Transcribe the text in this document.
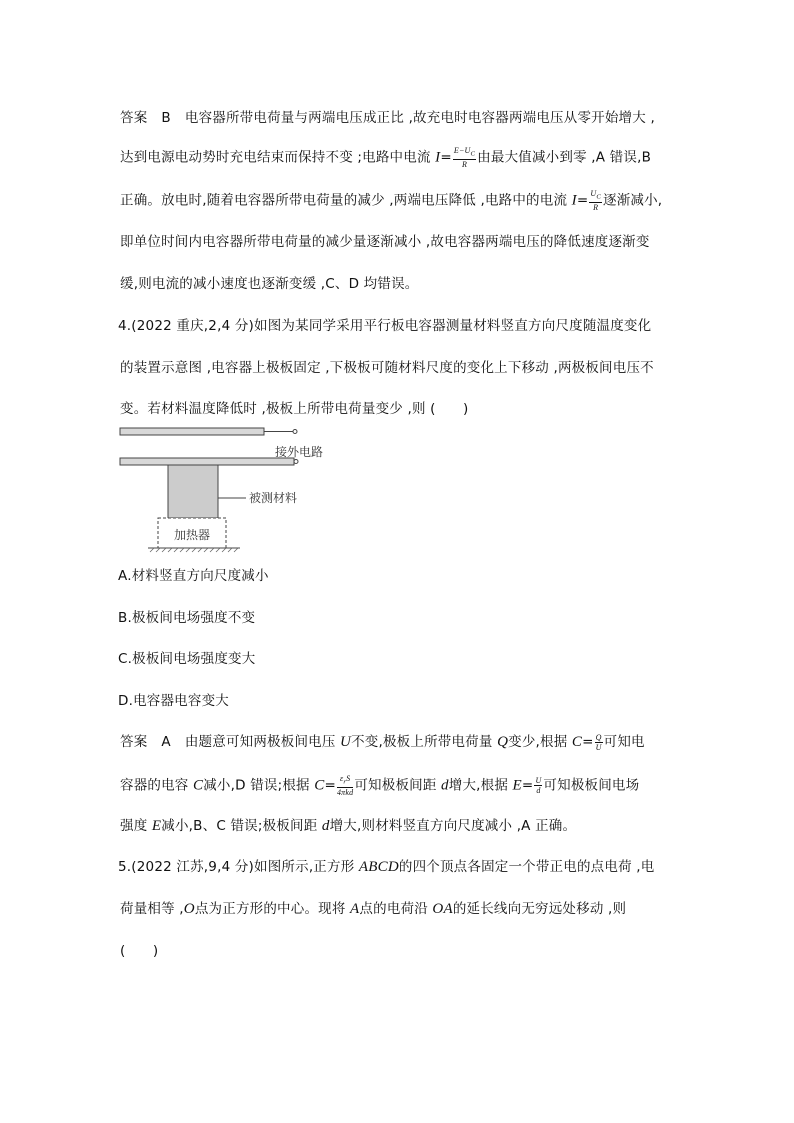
答案 B 电容器所带电荷量与两端电压成正比 ,故充电时电容器两端电压从零开始增大 ,
达到电源电动势时充电结束而保持不变 ;电路中电流 $I= \frac{E-U_C}{R}$ 由最大值减小到零 ,A 错误,B
正确。放电时,随着电容器所带电荷量的减少 ,两端电压降低 ,电路中的电流 $I= \frac{U_C}{R}$ 逐渐减小,
即单位时间内电容器所带电荷量的减少量逐渐减小 ,故电容器两端电压的降低速度逐渐变
缓,则电流的减小速度也逐渐变缓 ,C、D 均错误。
4.(2022 重庆,2,4 分)如图为某同学采用平行板电容器测量材料竖直方向尺度随温度变化
的装置示意图 ,电容器上极板固定 ,下极板可随材料尺度的变化上下移动 ,两极板间电压不
变。若材料温度降低时 ,极板上所带电荷量变少 ,则 (　　)
接外电路
被测材料
加热器
A.材料竖直方向尺度减小
B.极板间电场强度不变
C.极板间电场强度变大
D.电容器电容变大
答案 A 由题意可知两极板间电压 U不变,极板上所带电荷量 Q变少,根据 $C= \frac{Q}{U}$ 可知电
容器的电容 C减小,D 错误;根据 $C= \frac{\varepsilon_rS}{\text{4πkd}}$ 可知极板间距 d增大,根据 $E= \frac{U}{d}$ 可知极板间电场
强度 E减小,B、C 错误;极板间距 d增大,则材料竖直方向尺度减小 ,A 正确。
5.(2022 江苏,9,4 分)如图所示,正方形 ABCD的四个顶点各固定一个带正电的点电荷 ,电
荷量相等 ,O点为正方形的中心。现将 A点的电荷沿 OA的延长线向无穷远处移动 ,则
(　　)
